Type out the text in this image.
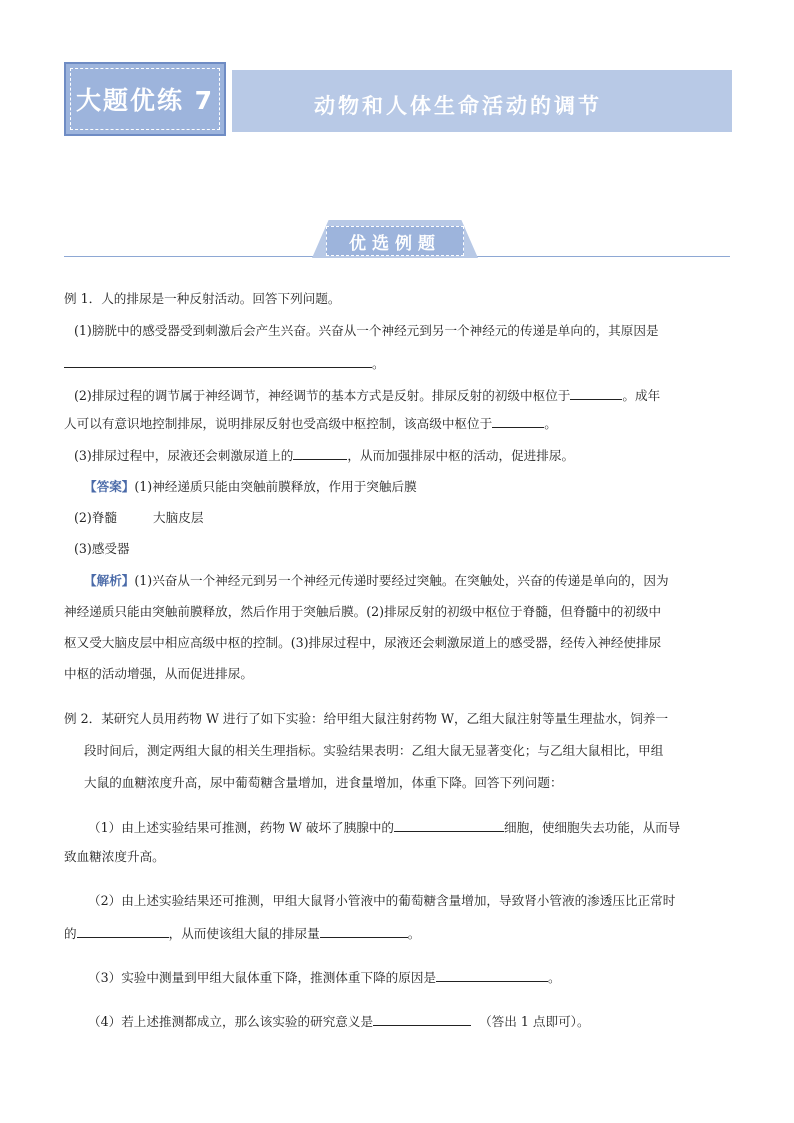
大题优练 7	动物和人体生命活动的调节
优选例题
例 1．人的排尿是一种反射活动。回答下列问题。
(1)膀胱中的感受器受到刺激后会产生兴奋。兴奋从一个神经元到另一个神经元的传递是单向的，其原因是
。
(2)排尿过程的调节属于神经调节，神经调节的基本方式是反射。排尿反射的初级中枢位于	。成年
人可以有意识地控制排尿，说明排尿反射也受高级中枢控制，该高级中枢位于	。
(3)排尿过程中，尿液还会刺激尿道上的	，从而加强排尿中枢的活动，促进排尿。
【答案】(1)神经递质只能由突触前膜释放，作用于突触后膜
(2)脊髓	大脑皮层
(3)感受器
【解析】(1)兴奋从一个神经元到另一个神经元传递时要经过突触。在突触处，兴奋的传递是单向的，因为
神经递质只能由突触前膜释放，然后作用于突触后膜。(2)排尿反射的初级中枢位于脊髓，但脊髓中的初级中
枢又受大脑皮层中相应高级中枢的控制。(3)排尿过程中，尿液还会刺激尿道上的感受器，经传入神经使排尿
中枢的活动增强，从而促进排尿。
例 2．某研究人员用药物 W 进行了如下实验：给甲组大鼠注射药物 W，乙组大鼠注射等量生理盐水，饲养一
段时间后，测定两组大鼠的相关生理指标。实验结果表明：乙组大鼠无显著变化；与乙组大鼠相比，甲组
大鼠的血糖浓度升高，尿中葡萄糖含量增加，进食量增加，体重下降。回答下列问题：
（1）由上述实验结果可推测，药物 W 破坏了胰腺中的	细胞，使细胞失去功能，从而导
致血糖浓度升高。
（2）由上述实验结果还可推测，甲组大鼠肾小管液中的葡萄糖含量增加，导致肾小管液的渗透压比正常时
的	，从而使该组大鼠的排尿量	。
（3）实验中测量到甲组大鼠体重下降，推测体重下降的原因是	。
（4）若上述推测都成立，那么该实验的研究意义是	（答出 1 点即可）。
